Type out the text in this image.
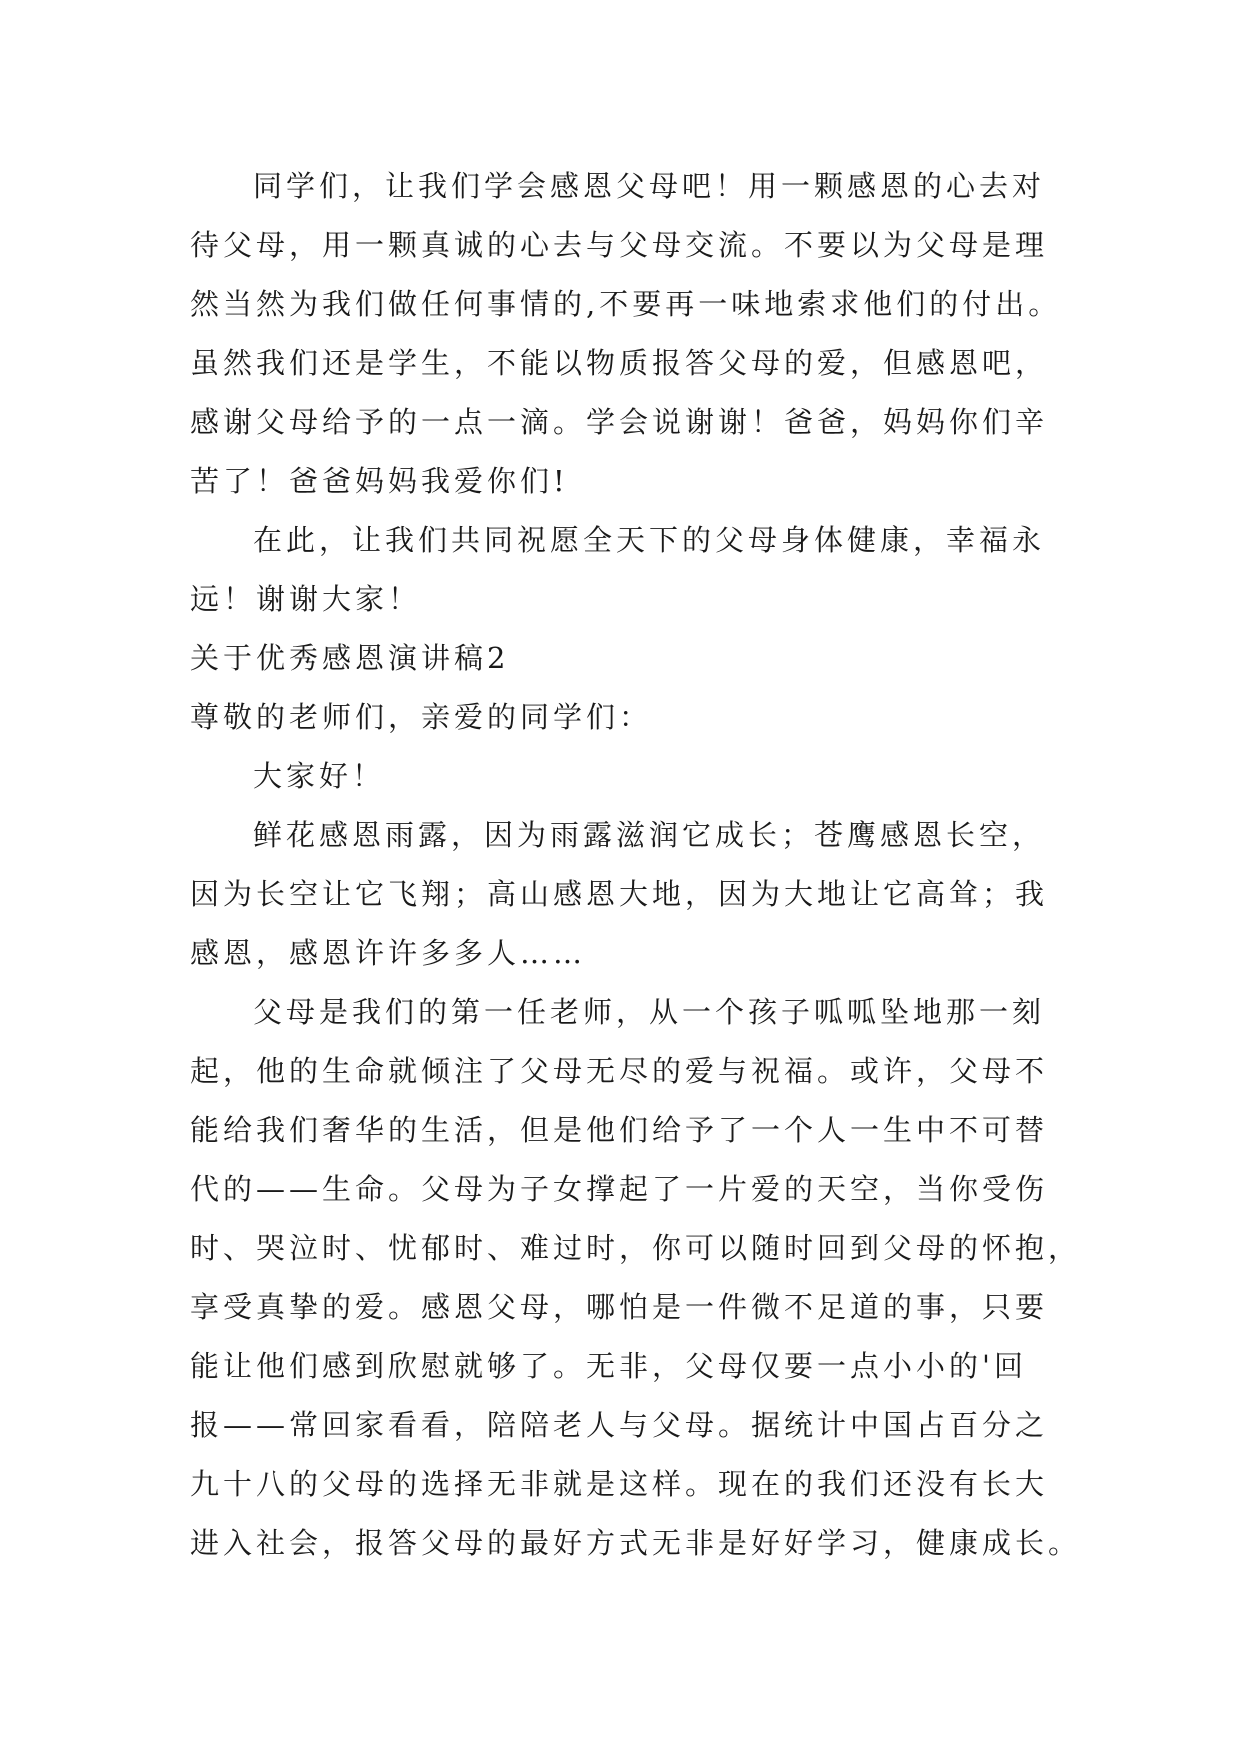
同学们，让我们学会感恩父母吧！用一颗感恩的心去对
待父母，用一颗真诚的心去与父母交流。不要以为父母是理
然当然为我们做任何事情的,不要再一味地索求他们的付出。
虽然我们还是学生，不能以物质报答父母的爱，但感恩吧，
感谢父母给予的一点一滴。学会说谢谢！爸爸，妈妈你们辛
苦了！爸爸妈妈我爱你们!
在此，让我们共同祝愿全天下的父母身体健康，幸福永
远！谢谢大家！
关于优秀感恩演讲稿2
尊敬的老师们，亲爱的同学们：
大家好！
鲜花感恩雨露，因为雨露滋润它成长；苍鹰感恩长空，
因为长空让它飞翔；高山感恩大地，因为大地让它高耸；我
感恩，感恩许许多多人……
父母是我们的第一任老师，从一个孩子呱呱坠地那一刻
起，他的生命就倾注了父母无尽的爱与祝福。或许，父母不
能给我们奢华的生活，但是他们给予了一个人一生中不可替
代的——生命。父母为子女撑起了一片爱的天空，当你受伤
时、哭泣时、忧郁时、难过时，你可以随时回到父母的怀抱，
享受真挚的爱。感恩父母，哪怕是一件微不足道的事，只要
能让他们感到欣慰就够了。无非，父母仅要一点小小的'回
报——常回家看看，陪陪老人与父母。据统计中国占百分之
九十八的父母的选择无非就是这样。现在的我们还没有长大
进入社会，报答父母的最好方式无非是好好学习，健康成长。
